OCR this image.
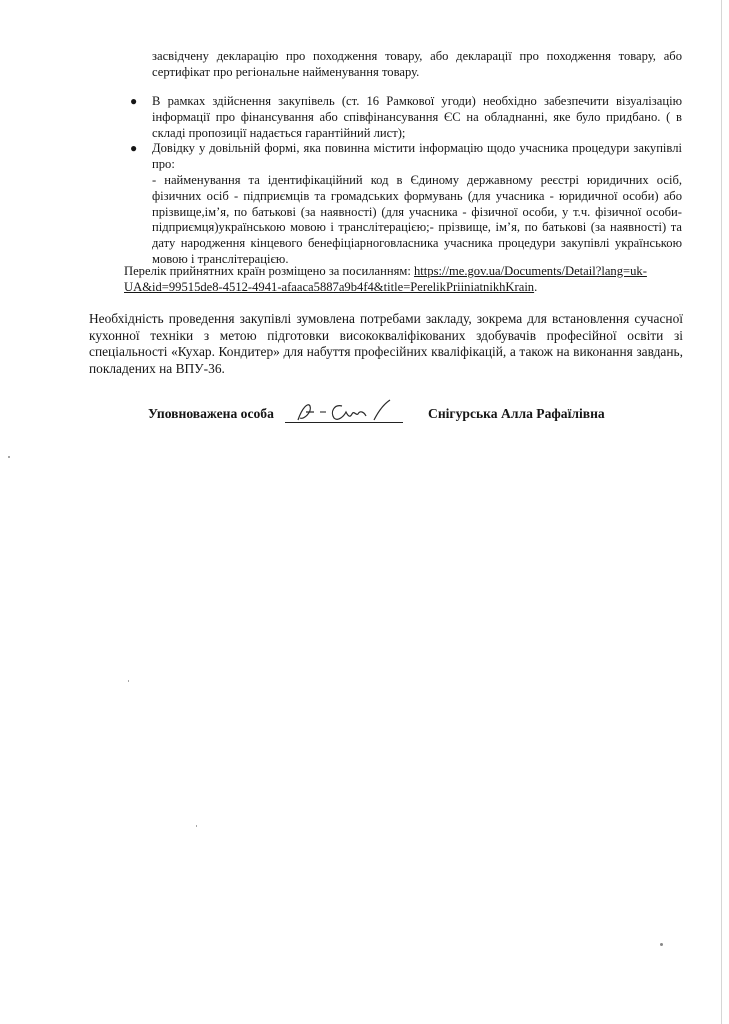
засвідчену декларацію про походження товару, або декларації про походження товару, або сертифікат про регіональне найменування товару.

● В рамках здійснення закупівель (ст. 16 Рамкової угоди) необхідно забезпечити візуалізацію інформації про фінансування або співфінансування ЄС на обладнанні, яке було придбано. ( в складі пропозиції надається гарантійний лист);
● Довідку у довільній формі, яка повинна містити інформацію щодо учасника процедури закупівлі про:
- найменування та ідентифікаційний код в Єдиному державному реєстрі юридичних осіб, фізичних осіб - підприємців та громадських формувань (для учасника - юридичної особи) або прізвище,ім’я, по батькові (за наявності) (для учасника - фізичної особи, у т.ч. фізичної особи-підприємця)українською мовою і транслітерацією;- прізвище, ім’я, по батькові (за наявності) та дату народження кінцевого бенефіціарноговласника учасника процедури закупівлі українською мовою і транслітерацією.

Перелік прийнятних країн розміщено за посиланням: https://me.gov.ua/Documents/Detail?lang=uk-UA&id=99515de8-4512-4941-afaaca5887a9b4f4&title=PerelikPriiniatnikhKrain.

Необхідність проведення закупівлі зумовлена потребами закладу, зокрема для встановлення сучасної кухонної техніки з метою підготовки висококваліфікованих здобувачів професійної освіти зі спеціальності «Кухар. Кондитер» для набуття професійних кваліфікацій, а також на виконання завдань, покладених на ВПУ-36.

Уповноважена особа	Снігурська Алла Рафаїлівна
